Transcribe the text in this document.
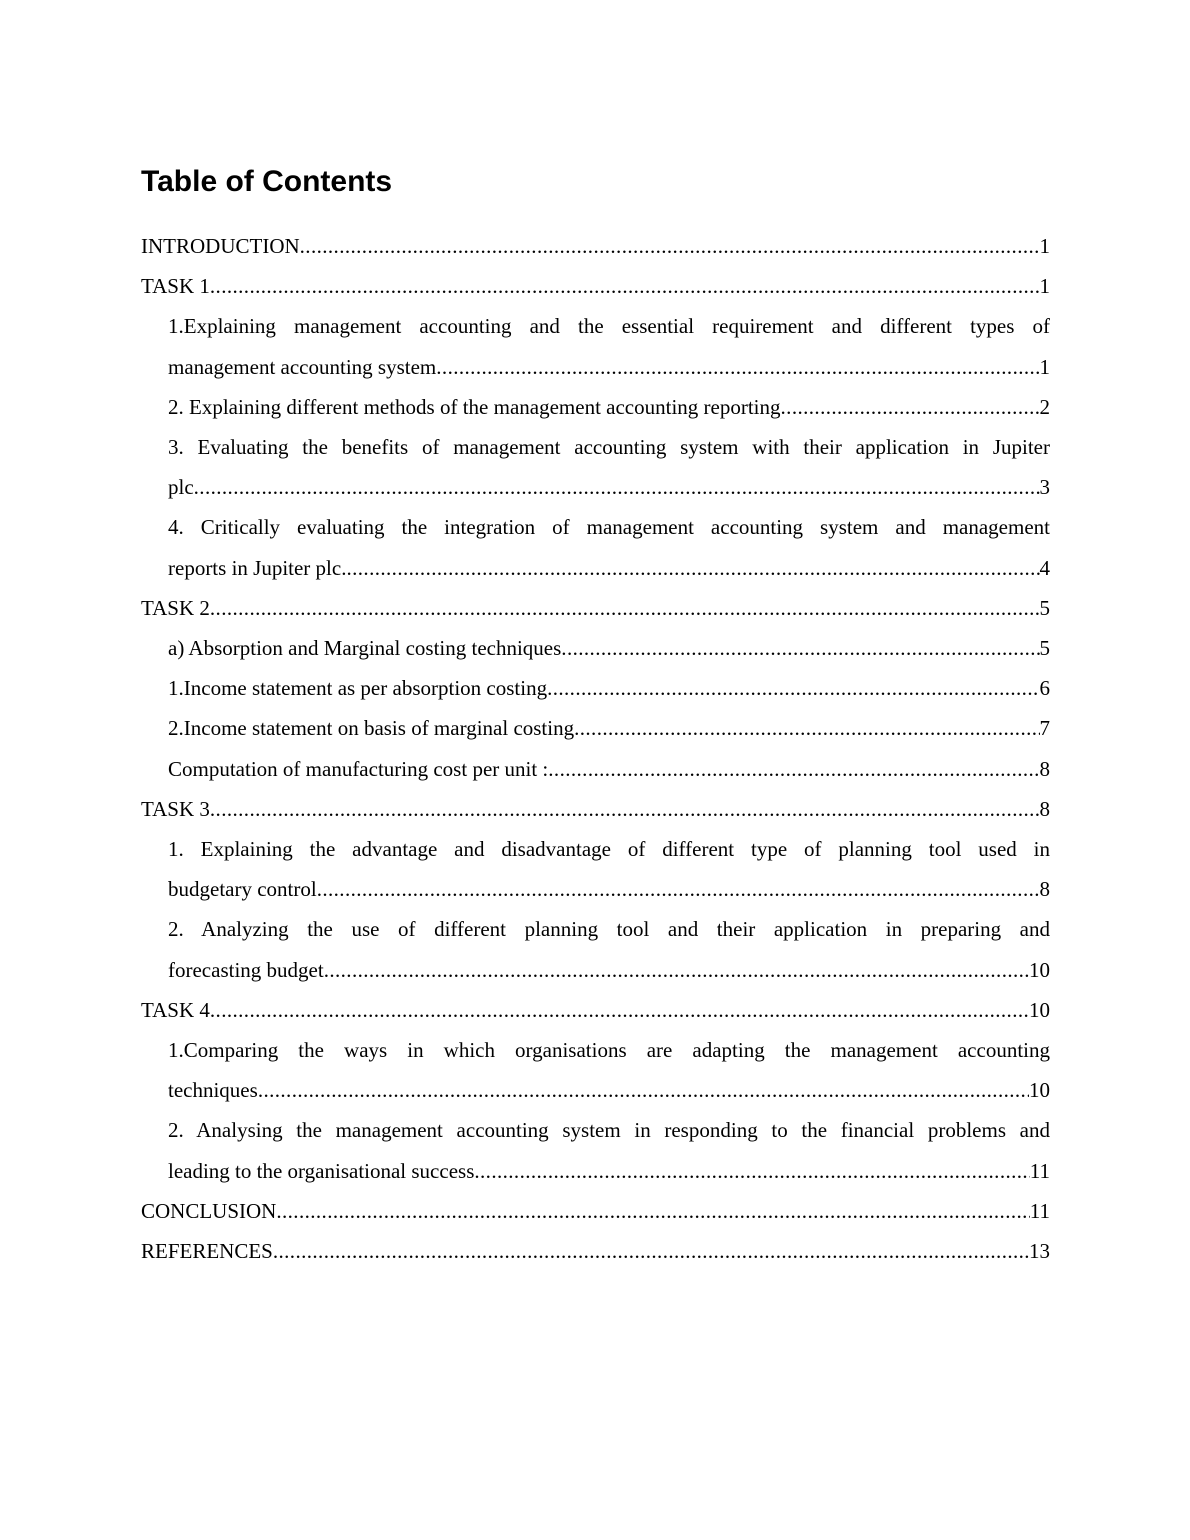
Table of Contents
INTRODUCTION .....	1
TASK 1 .....	1
1.Explaining management accounting and the essential requirement and different types of
management accounting system .....	1
2. Explaining different methods of the management accounting reporting .....	2
3. Evaluating the benefits of management accounting system with their application in Jupiter
plc .....	3
4. Critically evaluating the integration of management accounting system and management
reports in Jupiter plc. .....	4
TASK 2 .....	5
a) Absorption and Marginal costing techniques .....	5
1.Income statement as per absorption costing .....	6
2.Income statement on basis of marginal costing .....	7
Computation of manufacturing cost per unit : .....	8
TASK 3 .....	8
1. Explaining the advantage and disadvantage of different type of planning tool used in
budgetary control .....	8
2. Analyzing the use of different planning tool and their application in preparing and
forecasting budget .....	10
TASK 4 .....	10
1.Comparing the ways in which organisations are adapting the management accounting
techniques .....	10
2. Analysing the management accounting system in responding to the financial problems and
leading to the organisational success .....	11
CONCLUSION .....	11
REFERENCES .....	13
